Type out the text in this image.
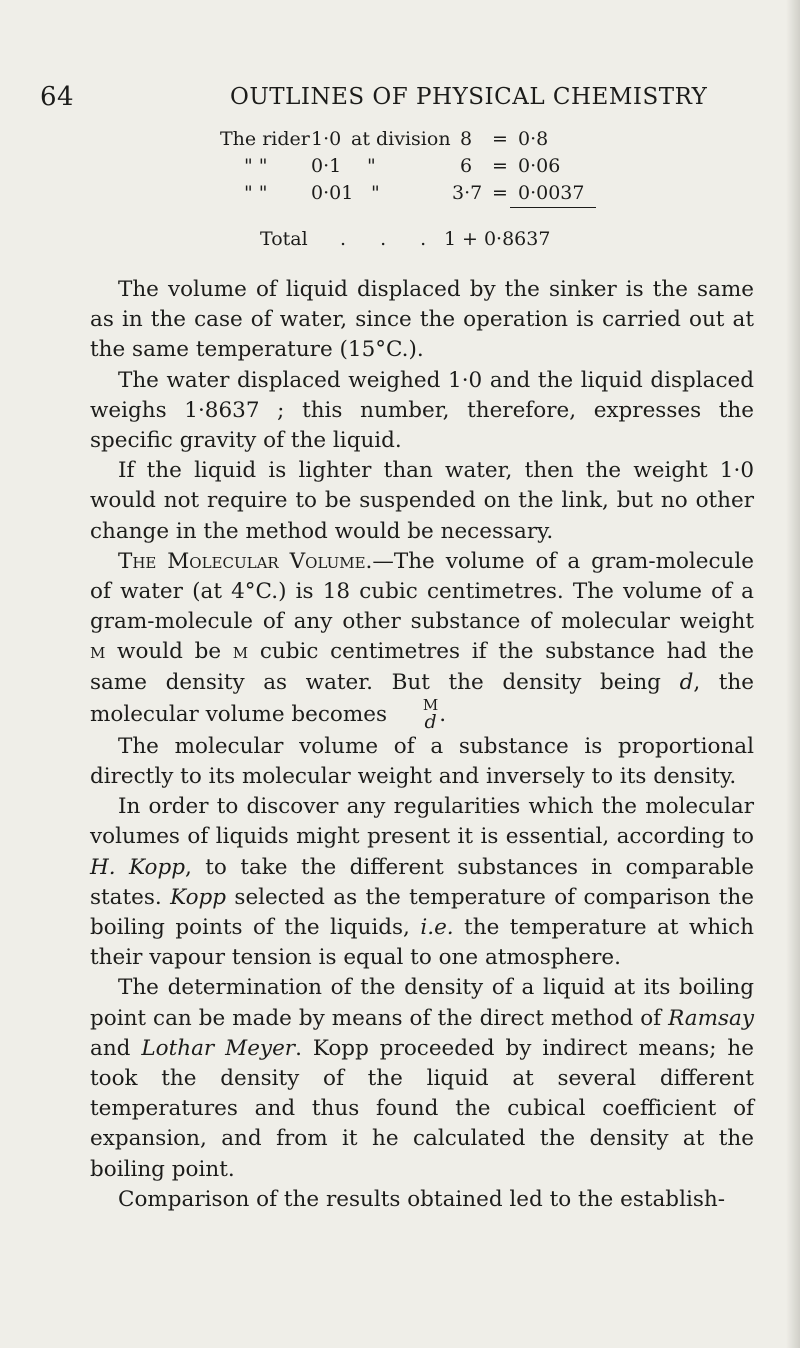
64	OUTLINES OF PHYSICAL CHEMISTRY
The rider 1·0 at division 8 = 0·8
" " 0·1 "	6 = 0·06
" " 0·01 "	3·7 = 0·0037
Total . . . 1 + 0·8637

The volume of liquid displaced by the sinker is the same as in the case of water, since the operation is carried out at the same temperature (15°C.).

The water displaced weighed 1·0 and the liquid displaced weighs 1·8637 ; this number, therefore, expresses the specific gravity of the liquid.

If the liquid is lighter than water, then the weight 1·0 would not require to be suspended on the link, but no other change in the method would be necessary.

The Molecular Volume.—The volume of a gram-molecule of water (at 4°C.) is 18 cubic centimetres. The volume of a gram-molecule of any other substance of molecular weight m would be m cubic centimetres if the substance had the same density as water. But the density being d, the molecular volume becomes	M
d .

The molecular volume of a substance is proportional directly to its molecular weight and inversely to its density.

In order to discover any regularities which the molecular volumes of liquids might present it is essential, according to H. Kopp, to take the different substances in comparable states. Kopp selected as the temperature of comparison the boiling points of the liquids, i.e. the temperature at which their vapour tension is equal to one atmosphere.

The determination of the density of a liquid at its boiling point can be made by means of the direct method of Ramsay and Lothar Meyer. Kopp proceeded by indirect means; he took the density of the liquid at several different temperatures and thus found the cubical coefficient of expansion, and from it he calculated the density at the boiling point.

Comparison of the results obtained led to the establish-
